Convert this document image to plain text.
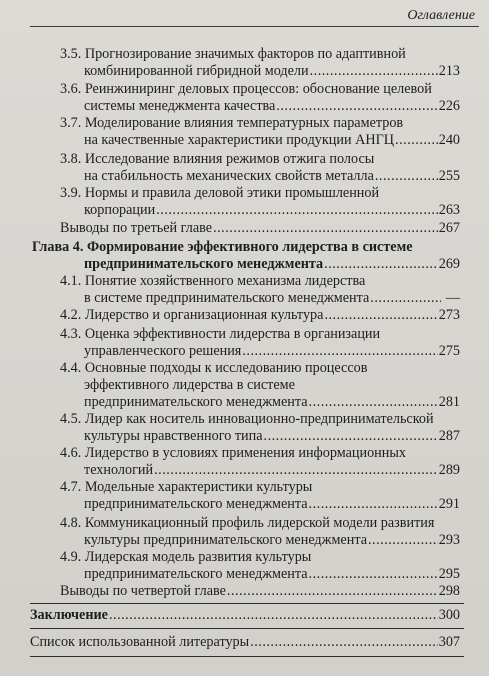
Оглавление
3.5. Прогнозирование значимых факторов по адаптивной
комбинированной гибридной модели .....	213
3.6. Реинжиниринг деловых процессов: обоснование целевой
системы менеджмента качества .....	226
3.7. Моделирование влияния температурных параметров
на качественные характеристики продукции АНГЦ .....	240
3.8. Исследование влияния режимов отжига полосы
на стабильность механических свойств металла .....	255
3.9. Нормы и правила деловой этики промышленной
корпорации .....	263
Выводы по третьей главе .....	267
Глава 4. Формирование эффективного лидерства в системе
предпринимательского менеджмента .....	269
4.1. Понятие хозяйственного механизма лидерства
в системе предпринимательского менеджмента .....	—
4.2. Лидерство и организационная культура .....	273
4.3. Оценка эффективности лидерства в организации
управленческого решения .....	275
4.4. Основные подходы к исследованию процессов
эффективного лидерства в системе
предпринимательского менеджмента .....	281
4.5. Лидер как носитель инновационно-предпринимательской
культуры нравственного типа .....	287
4.6. Лидерство в условиях применения информационных
технологий .....	289
4.7. Модельные характеристики культуры
предпринимательского менеджмента .....	291
4.8. Коммуникационный профиль лидерской модели развития
культуры предпринимательского менеджмента .....	293
4.9. Лидерская модель развития культуры
предпринимательского менеджмента .....	295
Выводы по четвертой главе .....	298
Заключение .....	300
Список использованной литературы .....	307
